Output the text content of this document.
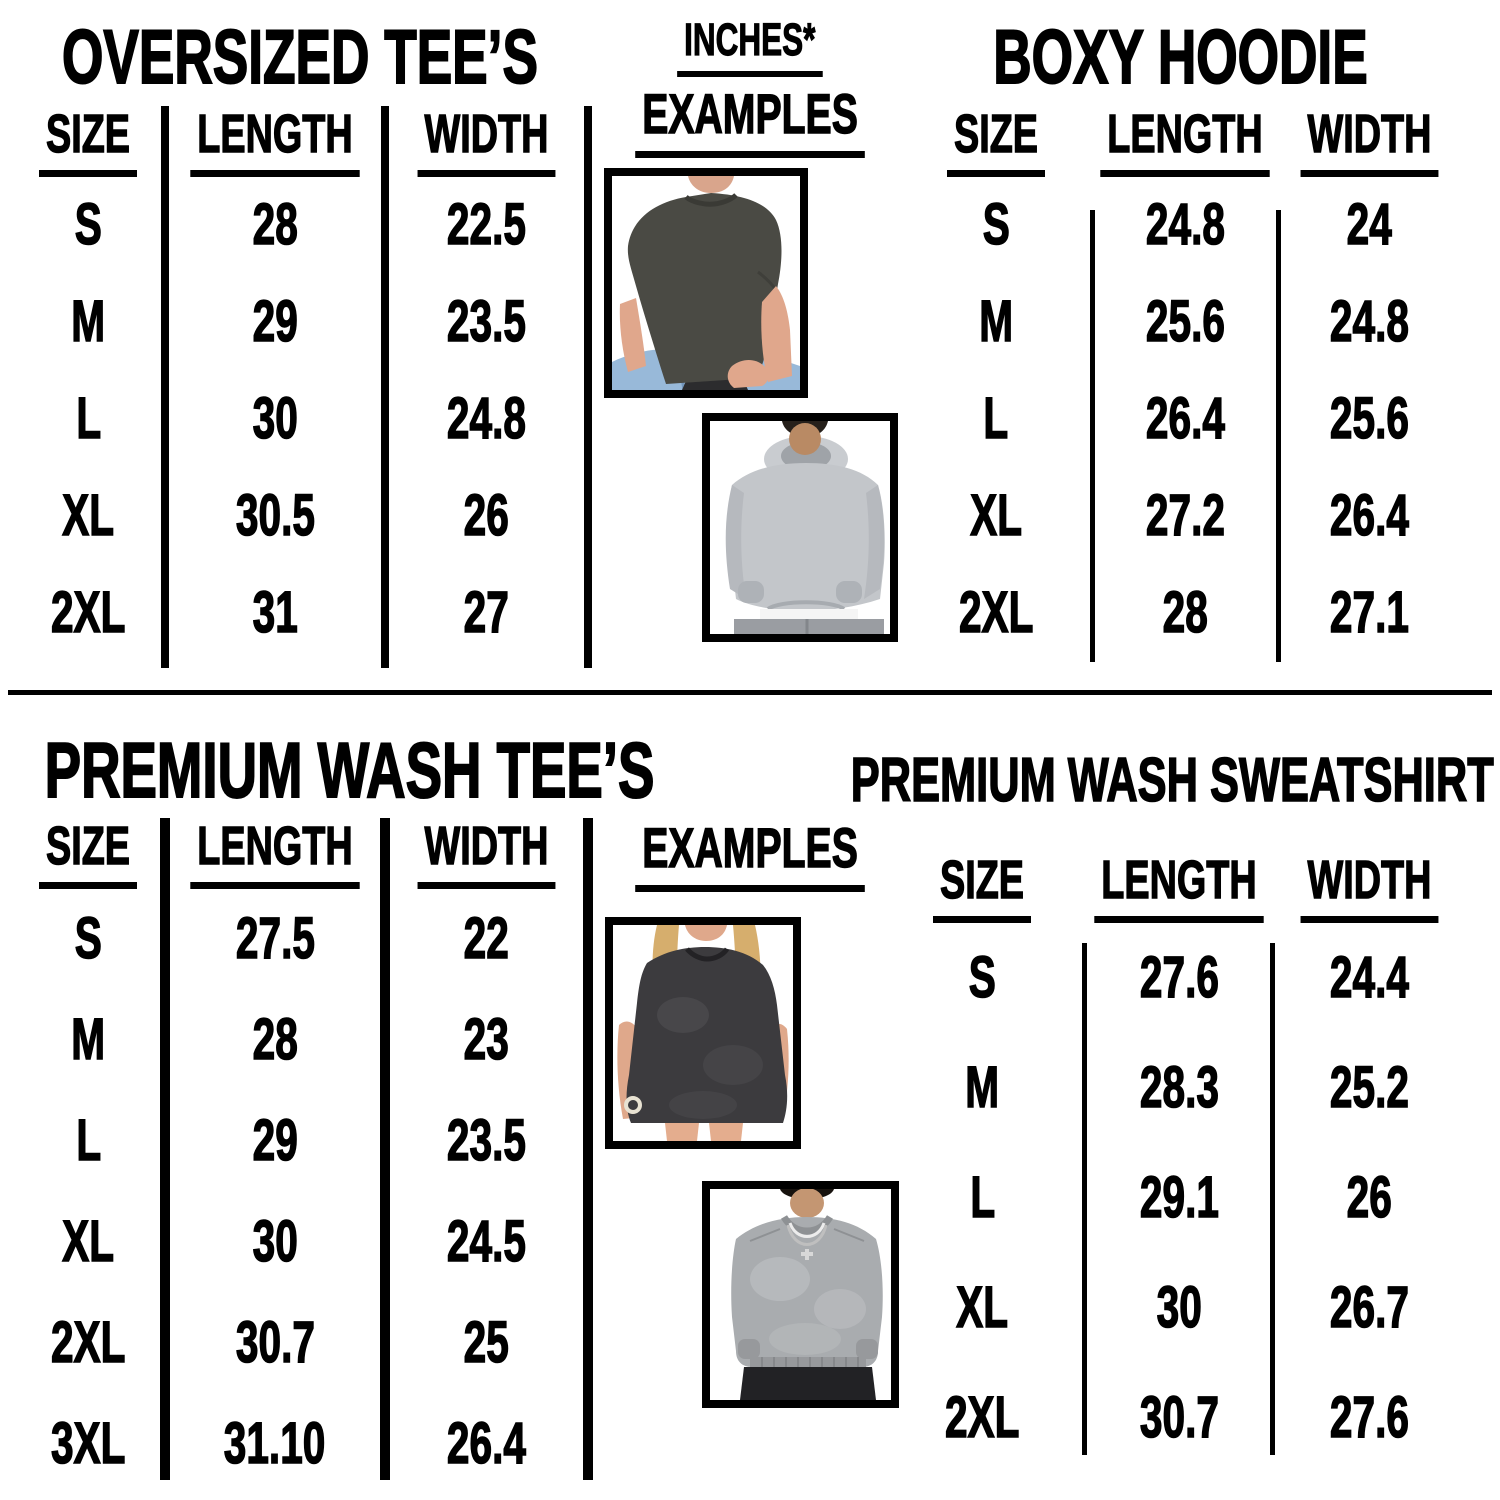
OVERSIZED TEE’S
SIZE LENGTH WIDTH
S	28	22.5
M	29	23.5
L	30	24.8
XL 30.5	26
2XL 31	27
INCHES*
EXAMPLES
BOXY HOODIE
SIZE LENGTH WIDTH
S 24.8 24
M 25.6 24.8
L 26.4 25.6
XL 27.2 26.4
2XL 28 27.1
PREMIUM WASH TEE’S
SIZE LENGTH WIDTH
S 27.5	22
M	28	23
L	29	23.5
XL 30	24.5
2XL 30.7	25
3XL 31.10 26.4
EXAMPLES
PREMIUM WASH SWEATSHIRT
SIZE LENGTH WIDTH
S 27.6 24.4
M 28.3 25.2
L 29.1 26
XL	30 26.7
2XL 30.7 27.6
